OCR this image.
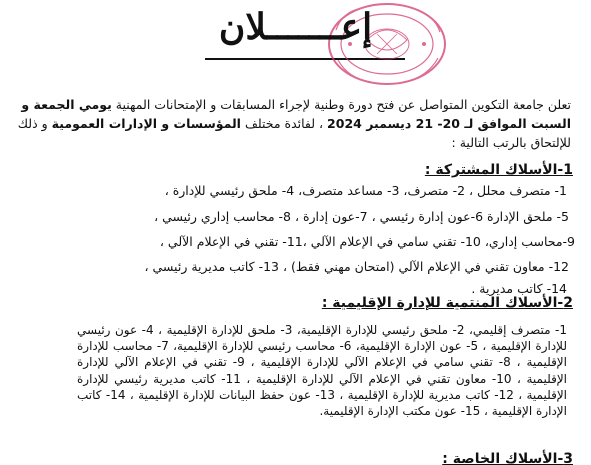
إعـــــــلان
تعلن جامعة التكوين المتواصل عن فتح دورة وطنية لإجراء المسابقات و الإمتحانات المهنية يومي الجمعة و السبت الموافق لـ 20- 21 ديسمبر 2024 ، لفائدة مختلف المؤسسات و الإدارات العمومية و ذلك للإلتحاق بالرتب التالية :
1-الأسلاك المشتركة :
1- متصرف محلل ، 2- متصرف، 3- مساعد متصرف، 4- ملحق رئيسي للإدارة ،
5- ملحق الإدارة 6-عون إدارة رئيسي ، 7-عون إدارة ، 8- محاسب إداري رئيسي ،
9-محاسب إداري، 10- تقني سامي في الإعلام الآلي ،11- تقني في الإعلام الآلي ،
12- معاون تقني في الإعلام الآلي (امتحان مهني فقط) ، 13- كاتب مديرية رئيسي ،
14- كاتب مديرية .
2-الأسلاك المنتمية للإدارة الإقليمية :
1- متصرف إقليمي، 2- ملحق رئيسي للإدارة الإقليمية، 3- ملحق للإدارة الإقليمية ، 4- عون رئيسي للإدارة الإقليمية ، 5- عون الإدارة الإقليمية، 6- محاسب رئيسي للإدارة الإقليمية، 7- محاسب للإدارة الإقليمية ، 8- تقني سامي في الإعلام الآلي للإدارة الإقليمية ، 9- تقني في الإعلام الآلي للإدارة الإقليمية ، 10- معاون تقني في الإعلام الآلي للإدارة الإقليمية ، 11- كاتب مديرية رئيسي للإدارة الإقليمية ، 12- كاتب مديرية للإدارة الإقليمية ، 13- عون حفظ البيانات للإدارة الإقليمية ، 14- كاتب الإدارة الإقليمية ، 15- عون مكتب الإدارة الإقليمية.
3-الأسلاك الخاصة :
